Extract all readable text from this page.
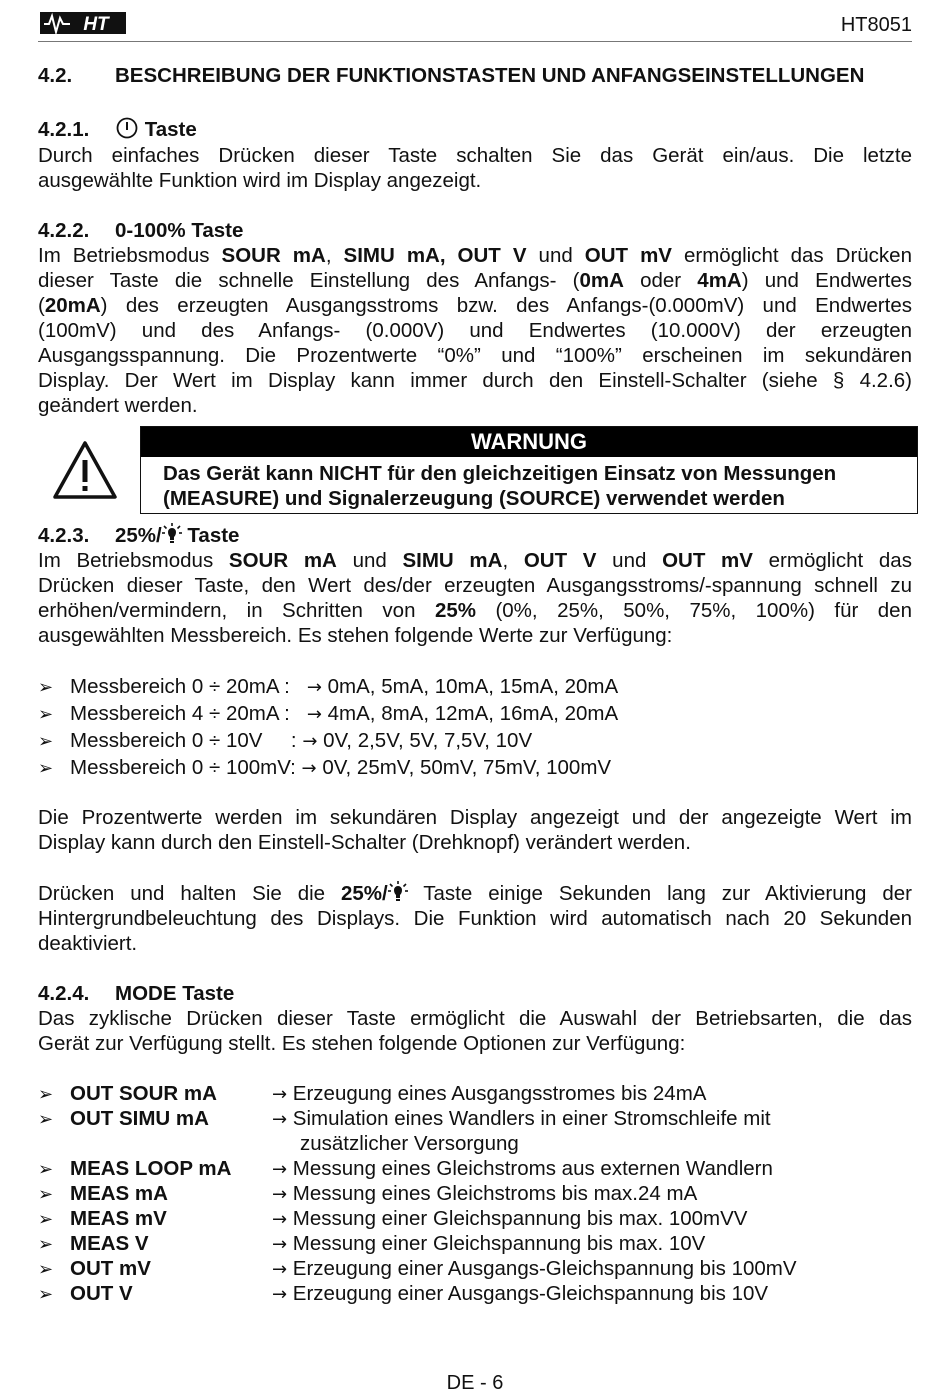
HT	HT8051
4.2. BESCHREIBUNG DER FUNKTIONSTASTEN UND ANFANGSEINSTELLUNGEN
4.2.1.	Taste
Durch einfaches Drücken dieser Taste schalten Sie das Gerät ein/aus. Die letzte
ausgewählte Funktion wird im Display angezeigt.
4.2.2. 0-100% Taste
Im Betriebsmodus SOUR mA, SIMU mA, OUT V und OUT mV ermöglicht das Drücken
dieser Taste die schnelle Einstellung des Anfangs- (0mA oder 4mA) und Endwertes
(20mA) des erzeugten Ausgangsstroms bzw. des Anfangs-(0.000mV) und Endwertes
(100mV) und des Anfangs- (0.000V) und Endwertes (10.000V) der erzeugten
Ausgangsspannung. Die Prozentwerte “0%” und “100%” erscheinen im sekundären
Display. Der Wert im Display kann immer durch den Einstell-Schalter (siehe § 4.2.6)
geändert werden.
WARNUNG
Das Gerät kann NICHT für den gleichzeitigen Einsatz von Messungen
(MEASURE) und Signalerzeugung (SOURCE) verwendet werden
4.2.3. 25%/ Taste
Im Betriebsmodus SOUR mA und SIMU mA, OUT V und OUT mV ermöglicht das
Drücken dieser Taste, den Wert des/der erzeugten Ausgangsstroms/-spannung schnell zu
erhöhen/vermindern, in Schritten von 25% (0%, 25%, 50%, 75%, 100%) für den
ausgewählten Messbereich. Es stehen folgende Werte zur Verfügung:
➢ Messbereich 0 ÷ 20mA : → 0mA, 5mA, 10mA, 15mA, 20mA
➢ Messbereich 4 ÷ 20mA : → 4mA, 8mA, 12mA, 16mA, 20mA
➢ Messbereich 0 ÷ 10V     : → 0V, 2,5V, 5V, 7,5V, 10V
➢ Messbereich 0 ÷ 100mV: → 0V, 25mV, 50mV, 75mV, 100mV
Die Prozentwerte werden im sekundären Display angezeigt und der angezeigte Wert im
Display kann durch den Einstell-Schalter (Drehknopf) verändert werden.
Drücken und halten Sie die 25%/ Taste einige Sekunden lang zur Aktivierung der
Hintergrundbeleuchtung des Displays. Die Funktion wird automatisch nach 20 Sekunden
deaktiviert.
4.2.4. MODE Taste
Das zyklische Drücken dieser Taste ermöglicht die Auswahl der Betriebsarten, die das
Gerät zur Verfügung stellt. Es stehen folgende Optionen zur Verfügung:
➢ OUT SOUR mA	→ Erzeugung eines Ausgangsstromes bis 24mA
➢ OUT SIMU mA	→ Simulation eines Wandlers in einer Stromschleife mit
zusätzlicher Versorgung
➢ MEAS LOOP mA → Messung eines Gleichstroms aus externen Wandlern
➢ MEAS mA	→ Messung eines Gleichstroms bis max.24 mA
➢ MEAS mV	→ Messung einer Gleichspannung bis max. 100mVV
➢ MEAS V	→ Messung einer Gleichspannung bis max. 10V
➢ OUT mV	→ Erzeugung einer Ausgangs-Gleichspannung bis 100mV
➢ OUT V	→ Erzeugung einer Ausgangs-Gleichspannung bis 10V
DE - 6
